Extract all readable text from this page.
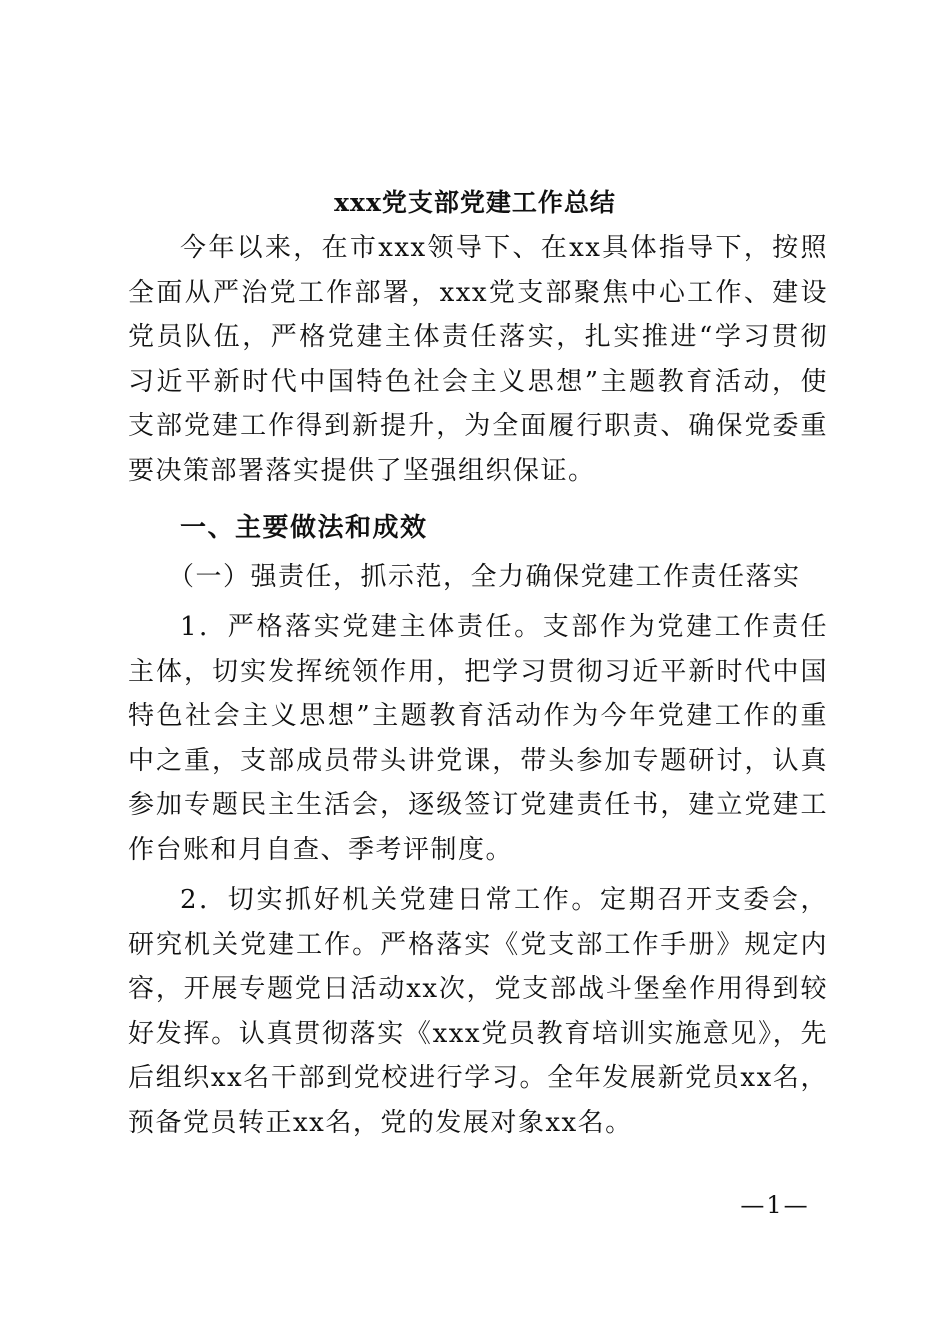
xxx党支部党建工作总结

今年以来，在市xxx领导下、在xx具体指导下，按照全面从严治党工作部署，xxx党支部聚焦中心工作、建设党员队伍，严格党建主体责任落实，扎实推进“学习贯彻习近平新时代中国特色社会主义思想”主题教育活动，使支部党建工作得到新提升，为全面履行职责、确保党委重要决策部署落实提供了坚强组织保证。

一、主要做法和成效

（一）强责任，抓示范，全力确保党建工作责任落实

1．严格落实党建主体责任。支部作为党建工作责任主体，切实发挥统领作用，把学习贯彻习近平新时代中国特色社会主义思想”主题教育活动作为今年党建工作的重中之重，支部成员带头讲党课，带头参加专题研讨，认真参加专题民主生活会，逐级签订党建责任书，建立党建工作台账和月自查、季考评制度。

2．切实抓好机关党建日常工作。定期召开支委会，研究机关党建工作。严格落实《党支部工作手册》规定内容，开展专题党日活动xx次，党支部战斗堡垒作用得到较好发挥。认真贯彻落实《xxx党员教育培训实施意见》，先后组织xx名干部到党校进行学习。全年发展新党员xx名，预备党员转正xx名，党的发展对象xx名。

—1—
